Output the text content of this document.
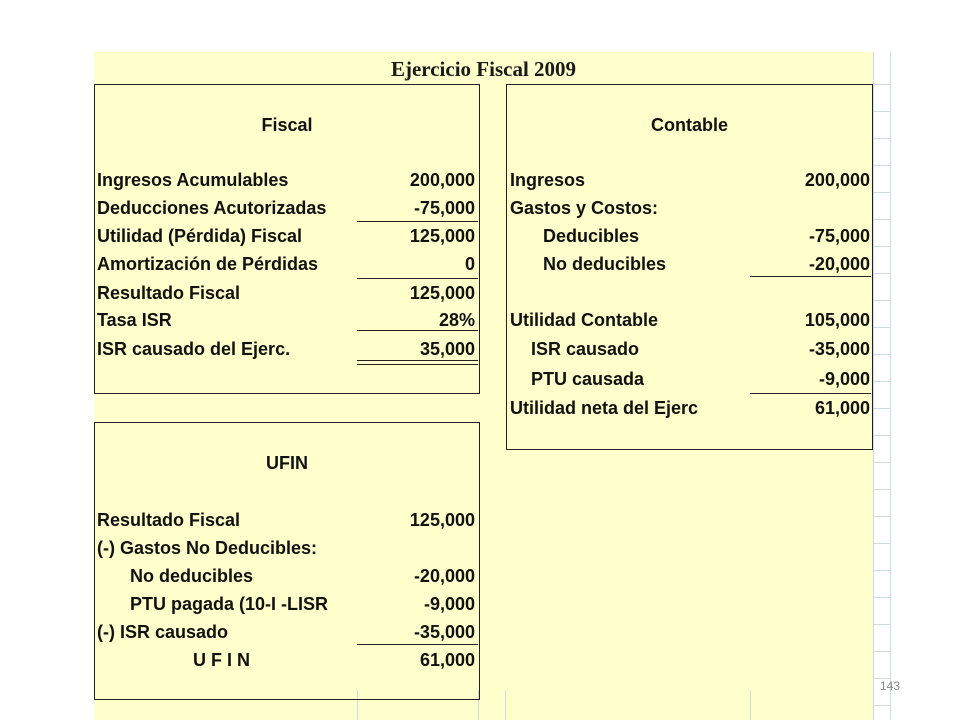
Ejercicio Fiscal 2009
Fiscal
Ingresos Acumulables	200,000
Deducciones Acutorizadas	-75,000
Utilidad (Pérdida) Fiscal	125,000
Amortización de Pérdidas	0
Resultado Fiscal	125,000
Tasa ISR	28%
ISR causado del Ejerc.	35,000
Contable
Ingresos	200,000
Gastos y Costos:
Deducibles	-75,000
No deducibles	-20,000
Utilidad Contable	105,000
ISR causado	-35,000
PTU causada	-9,000
Utilidad neta del Ejerc	61,000
UFIN
Resultado Fiscal	125,000
(-) Gastos No Deducibles:
No deducibles	-20,000
PTU pagada (10-I -LISR	-9,000
(-) ISR causado	-35,000
U F I N	61,000
143
